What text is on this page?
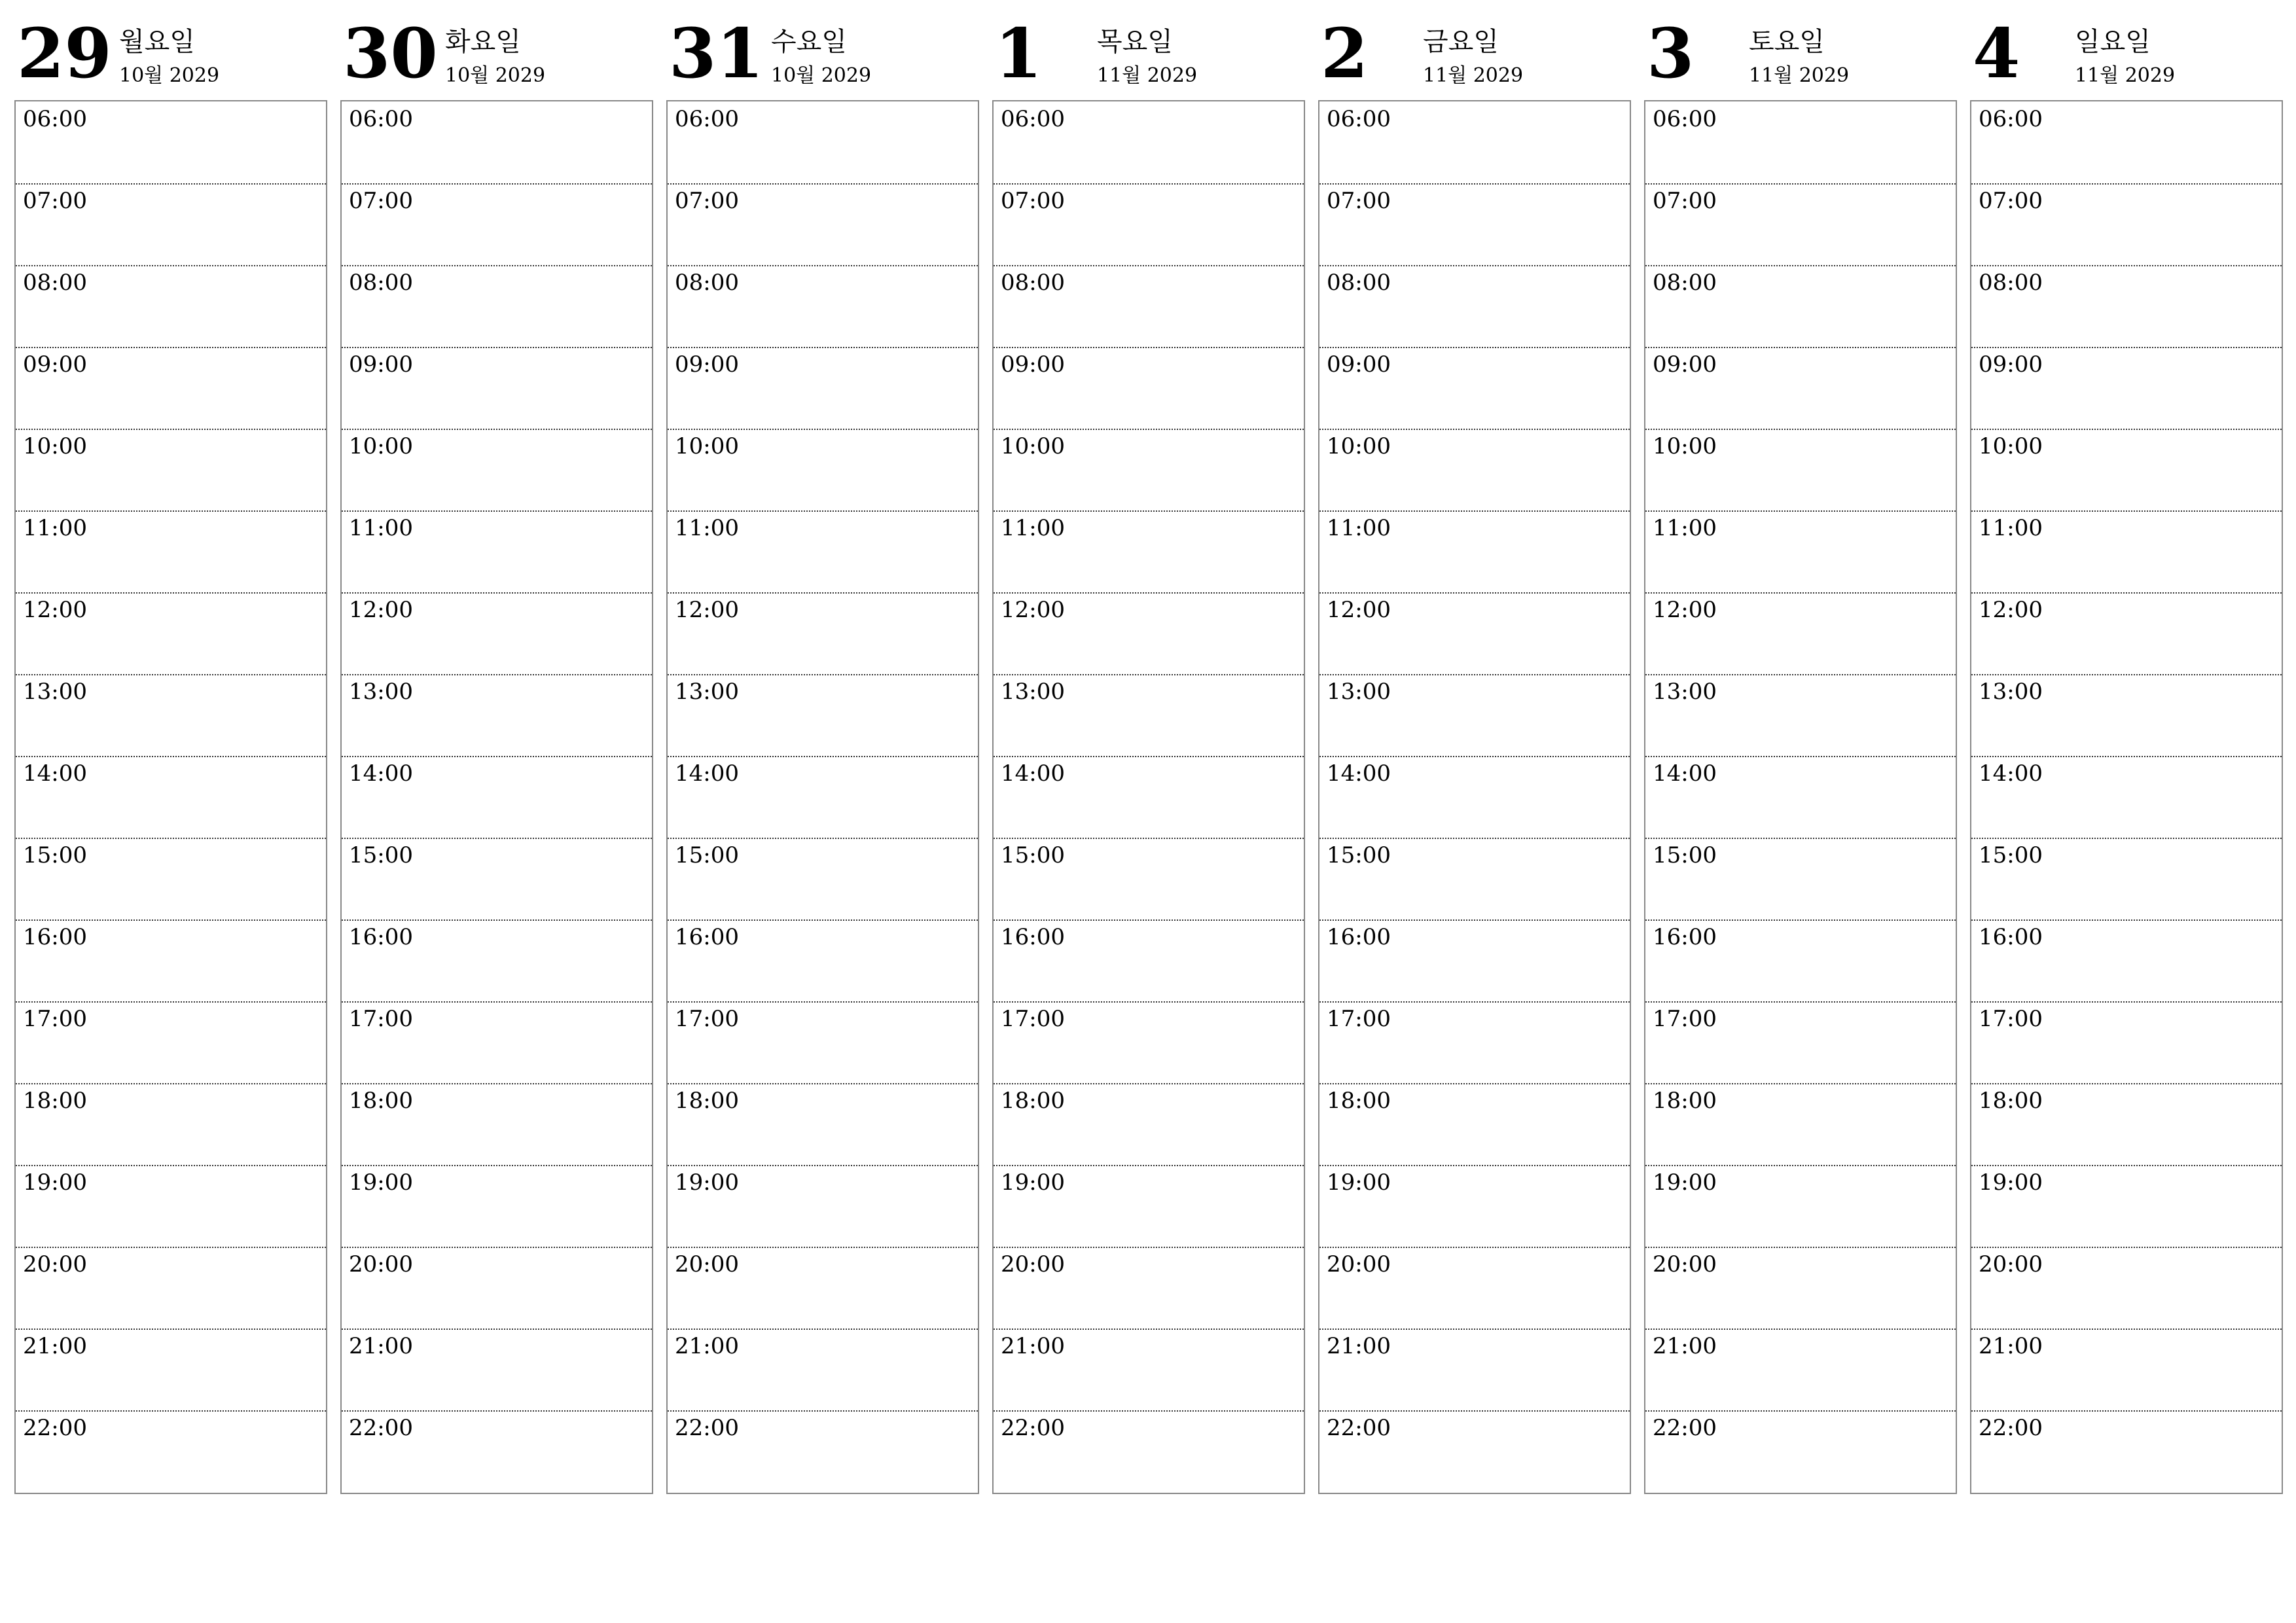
29 월요일
10월 2029
06:00
07:00
08:00
09:00
10:00
11:00
12:00
13:00
14:00
15:00
16:00
17:00
18:00
19:00
20:00
21:00
22:00
30 화요일
10월 2029
06:00
07:00
08:00
09:00
10:00
11:00
12:00
13:00
14:00
15:00
16:00
17:00
18:00
19:00
20:00
21:00
22:00
31 수요일
10월 2029
06:00
07:00
08:00
09:00
10:00
11:00
12:00
13:00
14:00
15:00
16:00
17:00
18:00
19:00
20:00
21:00
22:00
1 목요일
11월 2029
06:00
07:00
08:00
09:00
10:00
11:00
12:00
13:00
14:00
15:00
16:00
17:00
18:00
19:00
20:00
21:00
22:00
2 금요일
11월 2029
06:00
07:00
08:00
09:00
10:00
11:00
12:00
13:00
14:00
15:00
16:00
17:00
18:00
19:00
20:00
21:00
22:00
3 토요일
11월 2029
06:00
07:00
08:00
09:00
10:00
11:00
12:00
13:00
14:00
15:00
16:00
17:00
18:00
19:00
20:00
21:00
22:00
4 일요일
11월 2029
06:00
07:00
08:00
09:00
10:00
11:00
12:00
13:00
14:00
15:00
16:00
17:00
18:00
19:00
20:00
21:00
22:00
